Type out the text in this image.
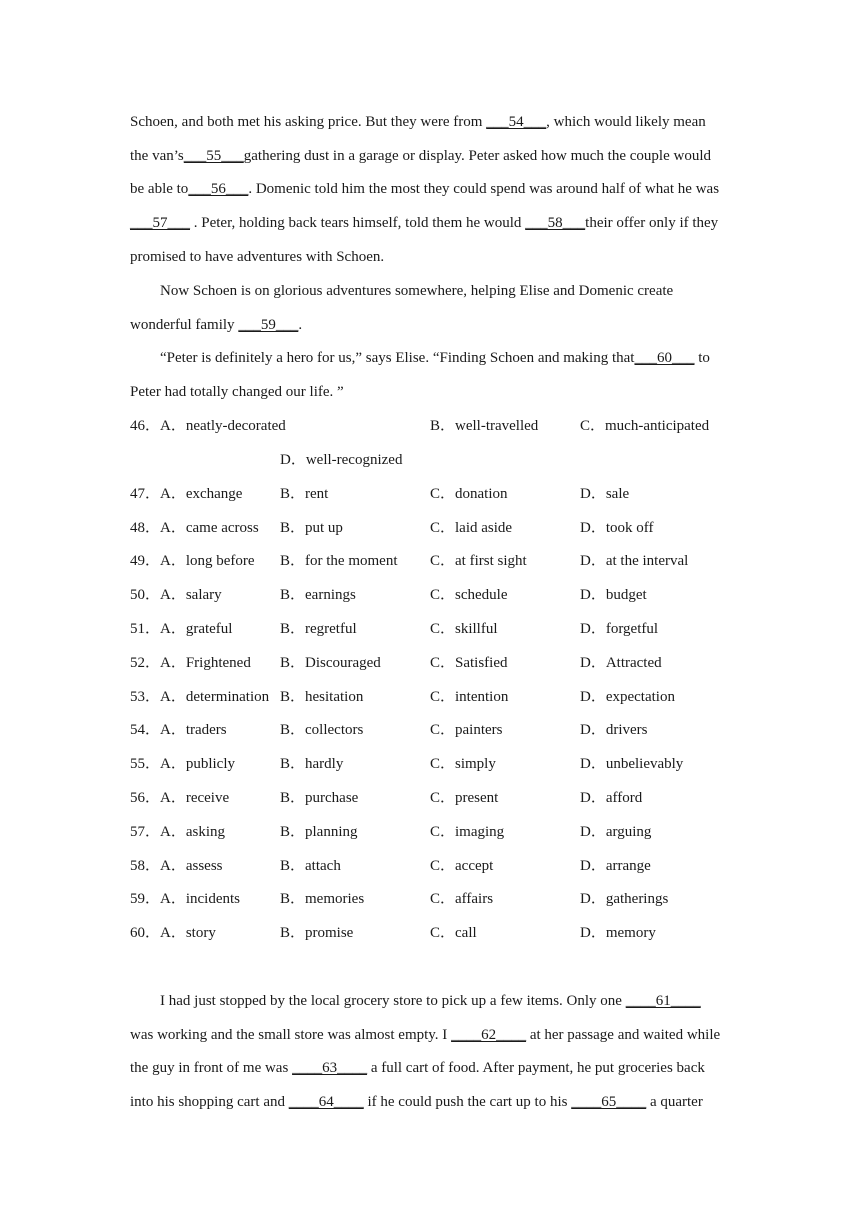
Schoen, and both met his asking price. But they were from ___54___, which would likely mean
the van’s___55___gathering dust in a garage or display. Peter asked how much the couple would
be able to___56___. Domenic told him the most they could spend was around half of what he was
___57___ . Peter, holding back tears himself, told them he would ___58___their offer only if they
promised to have adventures with Schoen.
Now Schoen is on glorious adventures somewhere, helping Elise and Domenic create
wonderful family ___59___.
“Peter is definitely a hero for us,” says Elise. “Finding Schoen and making that___60___ to
Peter had totally changed our life. ”
46． A．neatly-decorated	B．well-travelled	C．much-anticipated
D．well-recognized
47． A．exchange	B．rent	C．donation	D．sale
48． A．came across B．put up	C．laid aside	D．took off
49． A．long before B．for the moment C．at first sight	D．at the interval
50． A．salary	B．earnings	C．schedule	D．budget
51． A．grateful	B．regretful	C．skillful	D．forgetful
52． A．Frightened B．Discouraged	C．Satisfied	D．Attracted
53． A．determination B．hesitation	C．intention	D．expectation
54． A．traders	B．collectors	C．painters	D．drivers
55． A．publicly	B．hardly	C．simply	D．unbelievably
56． A．receive	B．purchase	C．present	D．afford
57． A．asking	B．planning	C．imaging	D．arguing
58． A．assess	B．attach	C．accept	D．arrange
59． A．incidents	B．memories	C．affairs	D．gatherings
60． A．story	B．promise	C．call	D．memory
I had just stopped by the local grocery store to pick up a few items. Only one ____61____
was working and the small store was almost empty. I ____62____ at her passage and waited while
the guy in front of me was ____63____ a full cart of food. After payment, he put groceries back
into his shopping cart and ____64____ if he could push the cart up to his ____65____ a quarter
